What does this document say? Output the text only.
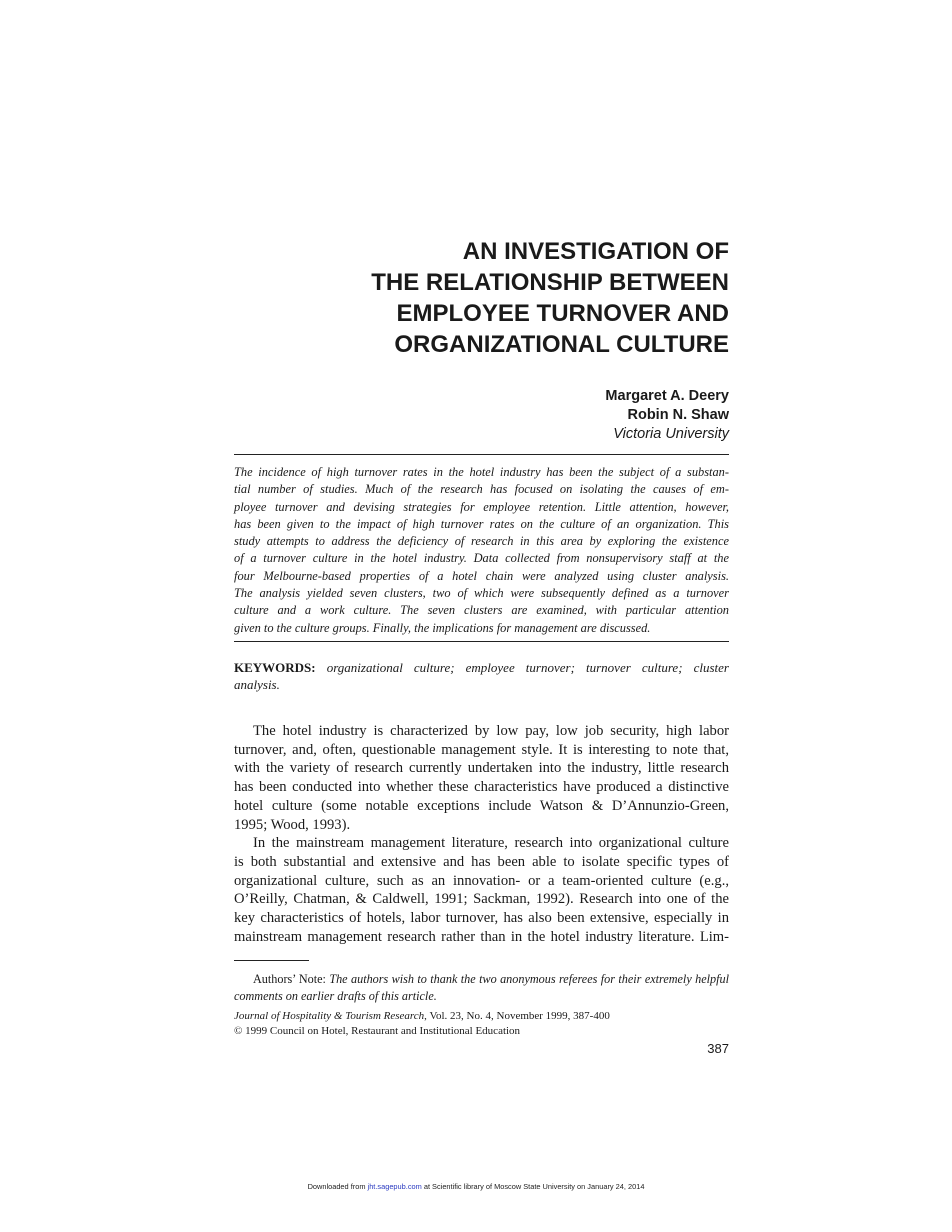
AN INVESTIGATION OF
THE RELATIONSHIP BETWEEN
EMPLOYEE TURNOVER AND
ORGANIZATIONAL CULTURE
Margaret A. Deery
Robin N. Shaw
Victoria University
The incidence of high turnover rates in the hotel industry has been the subject of a substan-
tial number of studies. Much of the research has focused on isolating the causes of em-
ployee turnover and devising strategies for employee retention. Little attention, however,
has been given to the impact of high turnover rates on the culture of an organization. This
study attempts to address the deficiency of research in this area by exploring the existence
of a turnover culture in the hotel industry. Data collected from nonsupervisory staff at the
four Melbourne-based properties of a hotel chain were analyzed using cluster analysis.
The analysis yielded seven clusters, two of which were subsequently defined as a turnover
culture and a work culture. The seven clusters are examined, with particular attention
given to the culture groups. Finally, the implications for management are discussed.
KEYWORDS: organizational culture; employee turnover; turnover culture; cluster
analysis.
The hotel industry is characterized by low pay, low job security, high labor
turnover, and, often, questionable management style. It is interesting to note that,
with the variety of research currently undertaken into the industry, little research
has been conducted into whether these characteristics have produced a distinctive
hotel culture (some notable exceptions include Watson & D’Annunzio-Green,
1995; Wood, 1993).
In the mainstream management literature, research into organizational culture
is both substantial and extensive and has been able to isolate specific types of
organizational culture, such as an innovation- or a team-oriented culture (e.g.,
O’Reilly, Chatman, & Caldwell, 1991; Sackman, 1992). Research into one of the
key characteristics of hotels, labor turnover, has also been extensive, especially in
mainstream management research rather than in the hotel industry literature. Lim-
Authors’ Note: The authors wish to thank the two anonymous referees for their extremely helpful
comments on earlier drafts of this article.
Journal of Hospitality & Tourism Research, Vol. 23, No. 4, November 1999, 387-400
© 1999 Council on Hotel, Restaurant and Institutional Education
387
Downloaded from jht.sagepub.com at Scientific library of Moscow State University on January 24, 2014
